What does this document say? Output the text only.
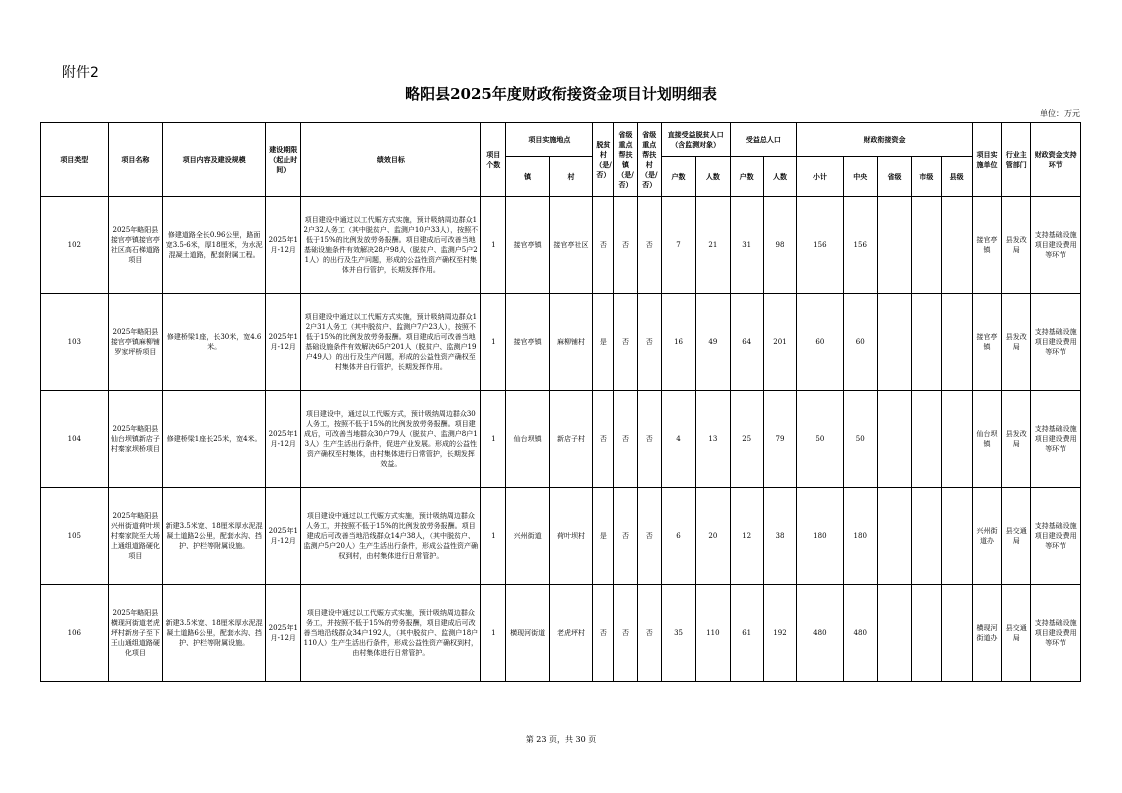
附件2
略阳县2025年度财政衔接资金项目计划明细表
单位：万元
项目类型	项目名称	项目内容及建设规模	建设期限（起止时间）	绩效目标	项目个数	项目实施地点		脱贫村（是/否）	省级重点帮扶镇（是/否）	省级重点帮扶村（是/否）	直接受益脱贫人口（含监测对象）		受益总人口		财政衔接资金					项目实施单位	行业主管部门	财政资金支持环节
						镇	村				户数	人数	户数	人数	小计	中央	省级	市级	县级			
102	2025年略阳县接官亭镇接官亭社区高石梯道路项目	修建道路全长0.96公里，路面宽3.5-6米，厚18厘米，为水泥混凝土道路，配套附属工程。	2025年1月-12月	项目建设中通过以工代赈方式实施，预计吸纳周边群众12户32人务工（其中脱贫户、监测户10户33人），按照不低于15%的比例发放劳务报酬。项目建成后可改善当地基础设施条件有效解决28户98人（脱贫户、监测户5户21人）的出行及生产问题，形成的公益性资产确权至村集体并自行管护，长期发挥作用。	1	接官亭镇	接官亭社区	否	否	否	7	21	31	98	156	156				接官亭镇	县发改局	支持基础设施项目建设费用等环节
103	2025年略阳县接官亭镇麻柳铺罗家坪桥项目	修建桥梁1座，长30米，宽4.6米。	2025年1月-12月	项目建设中通过以工代赈方式实施，预计吸纳周边群众12户31人务工（其中脱贫户、监测户7户23人），按照不低于15%的比例发放劳务报酬。项目建成后可改善当地基础设施条件有效解决65户201人（脱贫户、监测户19户49人）的出行及生产问题，形成的公益性资产确权至村集体并自行管护，长期发挥作用。	1	接官亭镇	麻柳铺村	是	否	否	16	49	64	201	60	60				接官亭镇	县发改局	支持基础设施项目建设费用等环节
104	2025年略阳县仙台坝镇新店子村秦家坝桥项目	修建桥梁1座长25米，宽4米。	2025年1月-12月	项目建设中，通过以工代赈方式，预计吸纳周边群众30人务工，按照不低于15%的比例发放劳务报酬。项目建成后，可改善当地群众30户79人（脱贫户、监测户8户13人）生产生活出行条件，促进产业发展。形成的公益性资产确权至村集体，由村集体进行日常管护，长期发挥效益。	1	仙台坝镇	新店子村	否	否	否	4	13	25	79	50	50				仙台坝镇	县发改局	支持基础设施项目建设费用等环节
105	2025年略阳县兴州街道荷叶坝村秦家院至大场上通组道路硬化项目	新建3.5米宽、18厘米厚水泥混凝土道路2公里，配套水沟、挡护、护栏等附属设施。	2025年1月-12月	项目建设中通过以工代赈方式实施，预计吸纳周边群众 人务工，并按照不低于15%的比例发放劳务报酬。项目建成后可改善当地沿线群众14户38人，（其中脱贫户、监测户5户20人）生产生活出行条件，形成公益性资产确权到村，由村集体进行日常管护。	1	兴州街道	荷叶坝村	是	否	否	6	20	12	38	180	180				兴州街道办	县交通局	支持基础设施项目建设费用等环节
106	2025年略阳县横现河街道老虎坪村新房子至下王山通组道路硬化项目	新建3.5米宽、18厘米厚水泥混凝土道路6公里，配套水沟、挡护、护栏等附属设施。	2025年1月-12月	项目建设中通过以工代赈方式实施，预计吸纳周边群众务工，并按照不低于15%的劳务报酬，项目建成后可改善当地沿线群众34户192人，（其中脱贫户、监测户18户110人）生产生活出行条件，形成公益性资产确权到村，由村集体进行日常管护。	1	横现河街道	老虎坪村	否	否	否	35	110	61	192	480	480				横现河街道办	县交通局	支持基础设施项目建设费用等环节
第 23 页，共 30 页
